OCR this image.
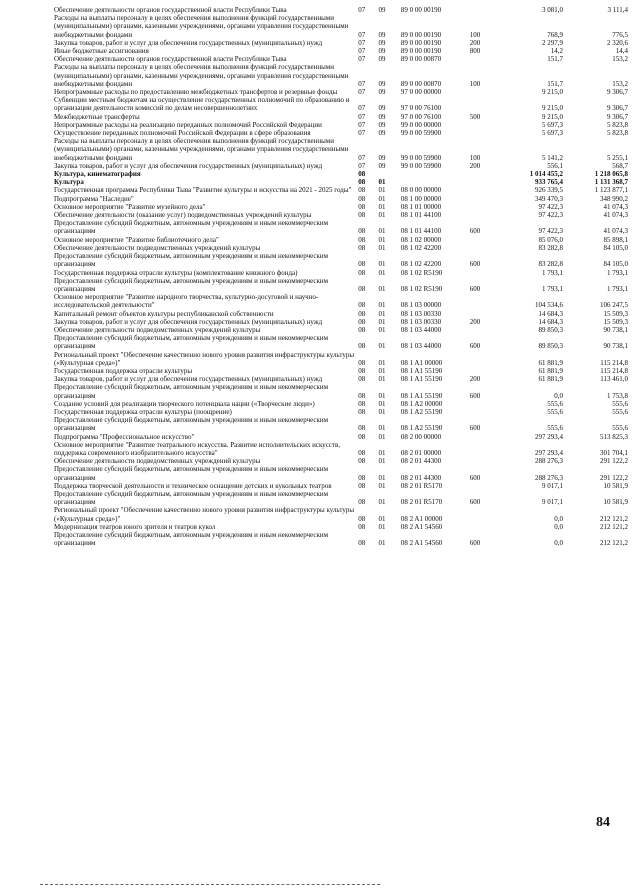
Обеспечение деятельности органов государственной власти Республики Тыва	07	09	89 0 00 00190		3 081,0	3 111,4
Расходы на выплаты персоналу в целях обеспечения выполнения функций государственными (муниципальными) органами, казенными учреждениями, органами управления государственными внебюджетными фондами	07	09	89 0 00 00190	100	768,9	776,5
Закупка товаров, работ и услуг для обеспечения государственных (муниципальных) нужд	07	09	89 0 00 00190	200	2 297,9	2 320,6
Иные бюджетные ассигнования	07	09	89 0 00 00190	800	14,2	14,4
Обеспечение деятельности органов государственной власти Республики Тыва	07	09	89 0 00 00870		151,7	153,2
Расходы на выплаты персоналу в целях обеспечения выполнения функций государственными (муниципальными) органами, казенными учреждениями, органами управления государственными внебюджетными фондами	07	09	89 0 00 00870	100	151,7	153,2
Непрограммные расходы по предоставлению межбюджетных трансфертов и резервные фонды	07	09	97 0 00 00000		9 215,0	9 306,7
Субвенции местным бюджетам на осуществление государственных полномочий по образованию и организации деятельности комиссий по делам несовершеннолетних	07	09	97 0 00 76100		9 215,0	9 306,7
Межбюджетные трансферты	07	09	97 0 00 76100	500	9 215,0	9 306,7
Непрограммные расходы на реализацию переданных полномочий Российской Федерации	07	09	99 0 00 00000		5 697,3	5 823,8
Осуществление переданных полномочий Российской Федерации в сфере образования	07	09	99 0 00 59900		5 697,3	5 823,8
Расходы на выплаты персоналу в целях обеспечения выполнения функций государственными (муниципальными) органами, казенными учреждениями, органами управления государственными внебюджетными фондами	07	09	99 0 00 59900	100	5 141,2	5 255,1
Закупка товаров, работ и услуг для обеспечения государственных (муниципальных) нужд	07	09	99 0 00 59900	200	556,1	568,7
Культура, кинематография	08				1 014 455,2	1 218 065,8
Культура	08	01			933 765,4	1 131 368,7
Государственная программа Республики Тыва "Развитие культуры и искусства на 2021 - 2025 годы"	08	01	08 0 00 00000		926 339,5	1 123 877,1
Подпрограмма "Наследие"	08	01	08 1 00 00000		349 470,3	348 990,2
Основное мероприятие "Развитие музейного дела"	08	01	08 1 01 00000		97 422,3	41 074,3
Обеспечение деятельности (оказание услуг) подведомственных учреждений культуры	08	01	08 1 01 44100		97 422,3	41 074,3
Предоставление субсидий бюджетным, автономным учреждениям и иным некоммерческим организациям	08	01	08 1 01 44100	600	97 422,3	41 074,3
Основное мероприятие "Развитие библиотечного дела"	08	01	08 1 02 00000		85 076,0	85 898,1
Обеспечение деятельности подведомственных учреждений культуры	08	01	08 1 02 42200		83 282,8	84 105,0
Предоставление субсидий бюджетным, автономным учреждениям и иным некоммерческим организациям	08	01	08 1 02 42200	600	83 282,8	84 105,0
Государственная поддержка отрасли культуры (комплектование книжного фонда)	08	01	08 1 02 R5190		1 793,1	1 793,1
Предоставление субсидий бюджетным, автономным учреждениям и иным некоммерческим организациям	08	01	08 1 02 R5190	600	1 793,1	1 793,1
Основное мероприятие "Развитие народного творчества, культурно-досуговой и научно-исследовательской деятельности"	08	01	08 1 03 00000		104 534,6	106 247,5
Капитальный ремонт объектов культуры республиканской собственности	08	01	08 1 03 00330		14 684,3	15 509,3
Закупка товаров, работ и услуг для обеспечения государственных (муниципальных) нужд	08	01	08 1 03 00330	200	14 684,3	15 509,3
Обеспечение деятельности подведомственных учреждений культуры	08	01	08 1 03 44000		89 850,3	90 738,1
Предоставление субсидий бюджетным, автономным учреждениям и иным некоммерческим организациям	08	01	08 1 03 44000	600	89 850,3	90 738,1
Региональный проект "Обеспечение качественно нового уровня развития инфраструктуры культуры («Культурная среда»)"	08	01	08 1 A1 00000		61 881,9	115 214,8
Государственная поддержка отрасли культуры	08	01	08 1 A1 55190		61 881,9	115 214,8
Закупка товаров, работ и услуг для обеспечения государственных (муниципальных) нужд	08	01	08 1 A1 55190	200	61 881,9	113 461,0
Предоставление субсидий бюджетным, автономным учреждениям и иным некоммерческим организациям	08	01	08 1 A1 55190	600	0,0	1 753,8
Создание условий для реализации творческого потенциала нации («Творческие люди»)	08	01	08 1 A2 00000		555,6	555,6
Государственная поддержка отрасли культуры (поощрение)	08	01	08 1 A2 55190		555,6	555,6
Предоставление субсидий бюджетным, автономным учреждениям и иным некоммерческим организациям	08	01	08 1 A2 55190	600	555,6	555,6
Подпрограмма "Профессиональное искусство"	08	01	08 2 00 00000		297 293,4	513 825,3
Основное мероприятие "Развитие театрального искусства. Развитие исполнительских искусств, поддержка современного изобразительного искусства"	08	01	08 2 01 00000		297 293,4	301 704,1
Обеспечение деятельности подведомственных учреждений культуры	08	01	08 2 01 44300		288 276,3	291 122,2
Предоставление субсидий бюджетным, автономным учреждениям и иным некоммерческим организациям	08	01	08 2 01 44300	600	288 276,3	291 122,2
Поддержка творческой деятельности и техническое оснащение детских и кукольных театров	08	01	08 2 01 R5170		9 017,1	10 581,9
Предоставление субсидий бюджетным, автономным учреждениям и иным некоммерческим организациям	08	01	08 2 01 R5170	600	9 017,1	10 581,9
Региональный проект "Обеспечение качественно нового уровня развития инфраструктуры культуры («Культурная среда»)"	08	01	08 2 A1 00000		0,0	212 121,2
Модернизация театров юного зрителя и театров кукол	08	01	08 2 A1 54560		0,0	212 121,2
Предоставление субсидий бюджетным, автономным учреждениям и иным некоммерческим организациям	08	01	08 2 A1 54560	600	0,0	212 121,2
84
